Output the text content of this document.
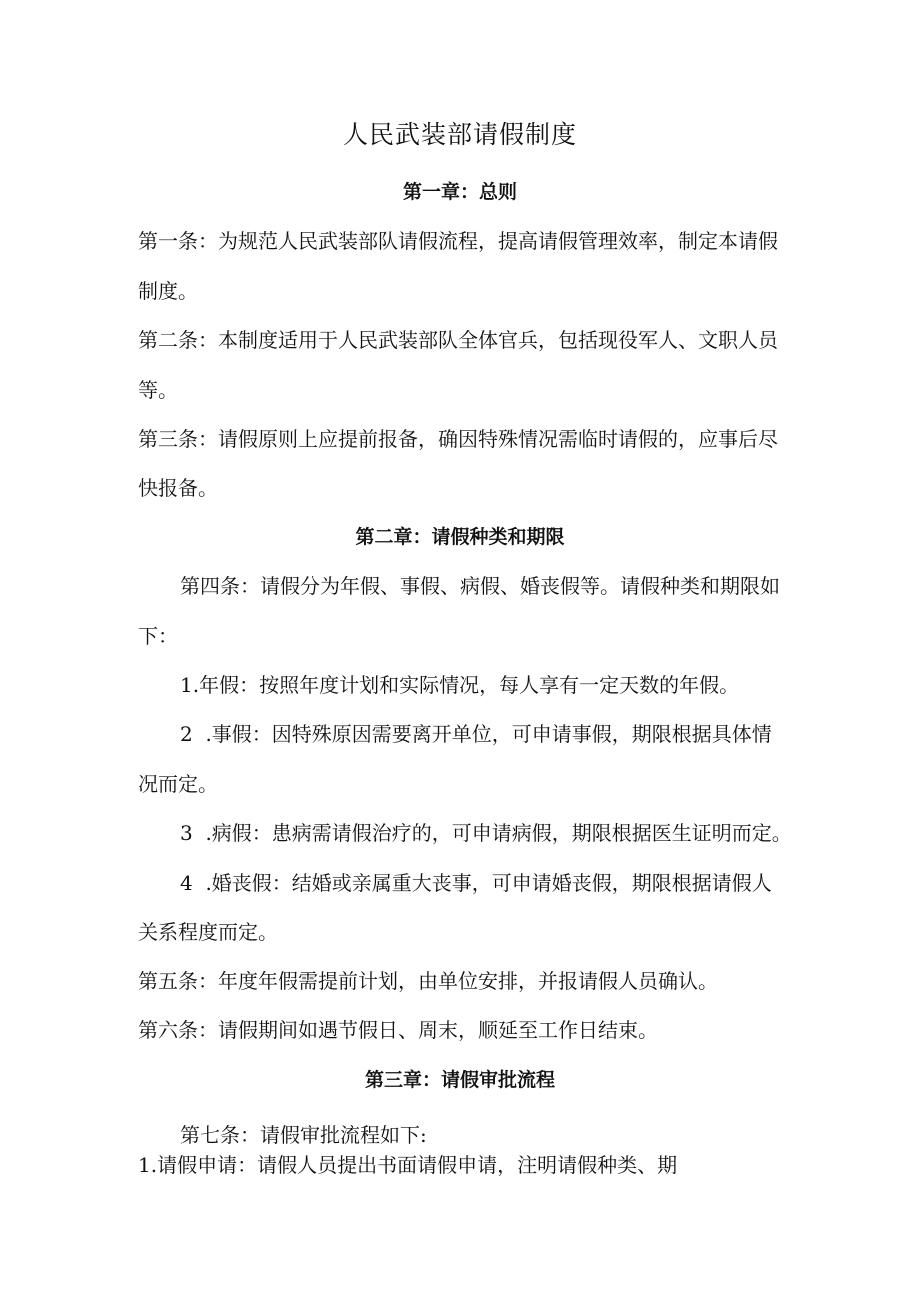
人民武装部请假制度
第一章：总则
第一条：为规范人民武装部队请假流程，提高请假管理效率，制定本请假
制度。
第二条：本制度适用于人民武装部队全体官兵，包括现役军人、文职人员
等。
第三条：请假原则上应提前报备，确因特殊情况需临时请假的，应事后尽
快报备。
第二章：请假种类和期限
第四条：请假分为年假、事假、病假、婚丧假等。请假种类和期限如
下：
1.年假：按照年度计划和实际情况，每人享有一定天数的年假。
2  .事假：因特殊原因需要离开单位，可申请事假，期限根据具体情
况而定。
3  .病假：患病需请假治疗的，可申请病假，期限根据医生证明而定。
4  .婚丧假：结婚或亲属重大丧事，可申请婚丧假，期限根据请假人
关系程度而定。
第五条：年度年假需提前计划，由单位安排，并报请假人员确认。
第六条：请假期间如遇节假日、周末，顺延至工作日结束。
第三章：请假审批流程
第七条：请假审批流程如下:
1.请假申请：请假人员提出书面请假申请，注明请假种类、期
